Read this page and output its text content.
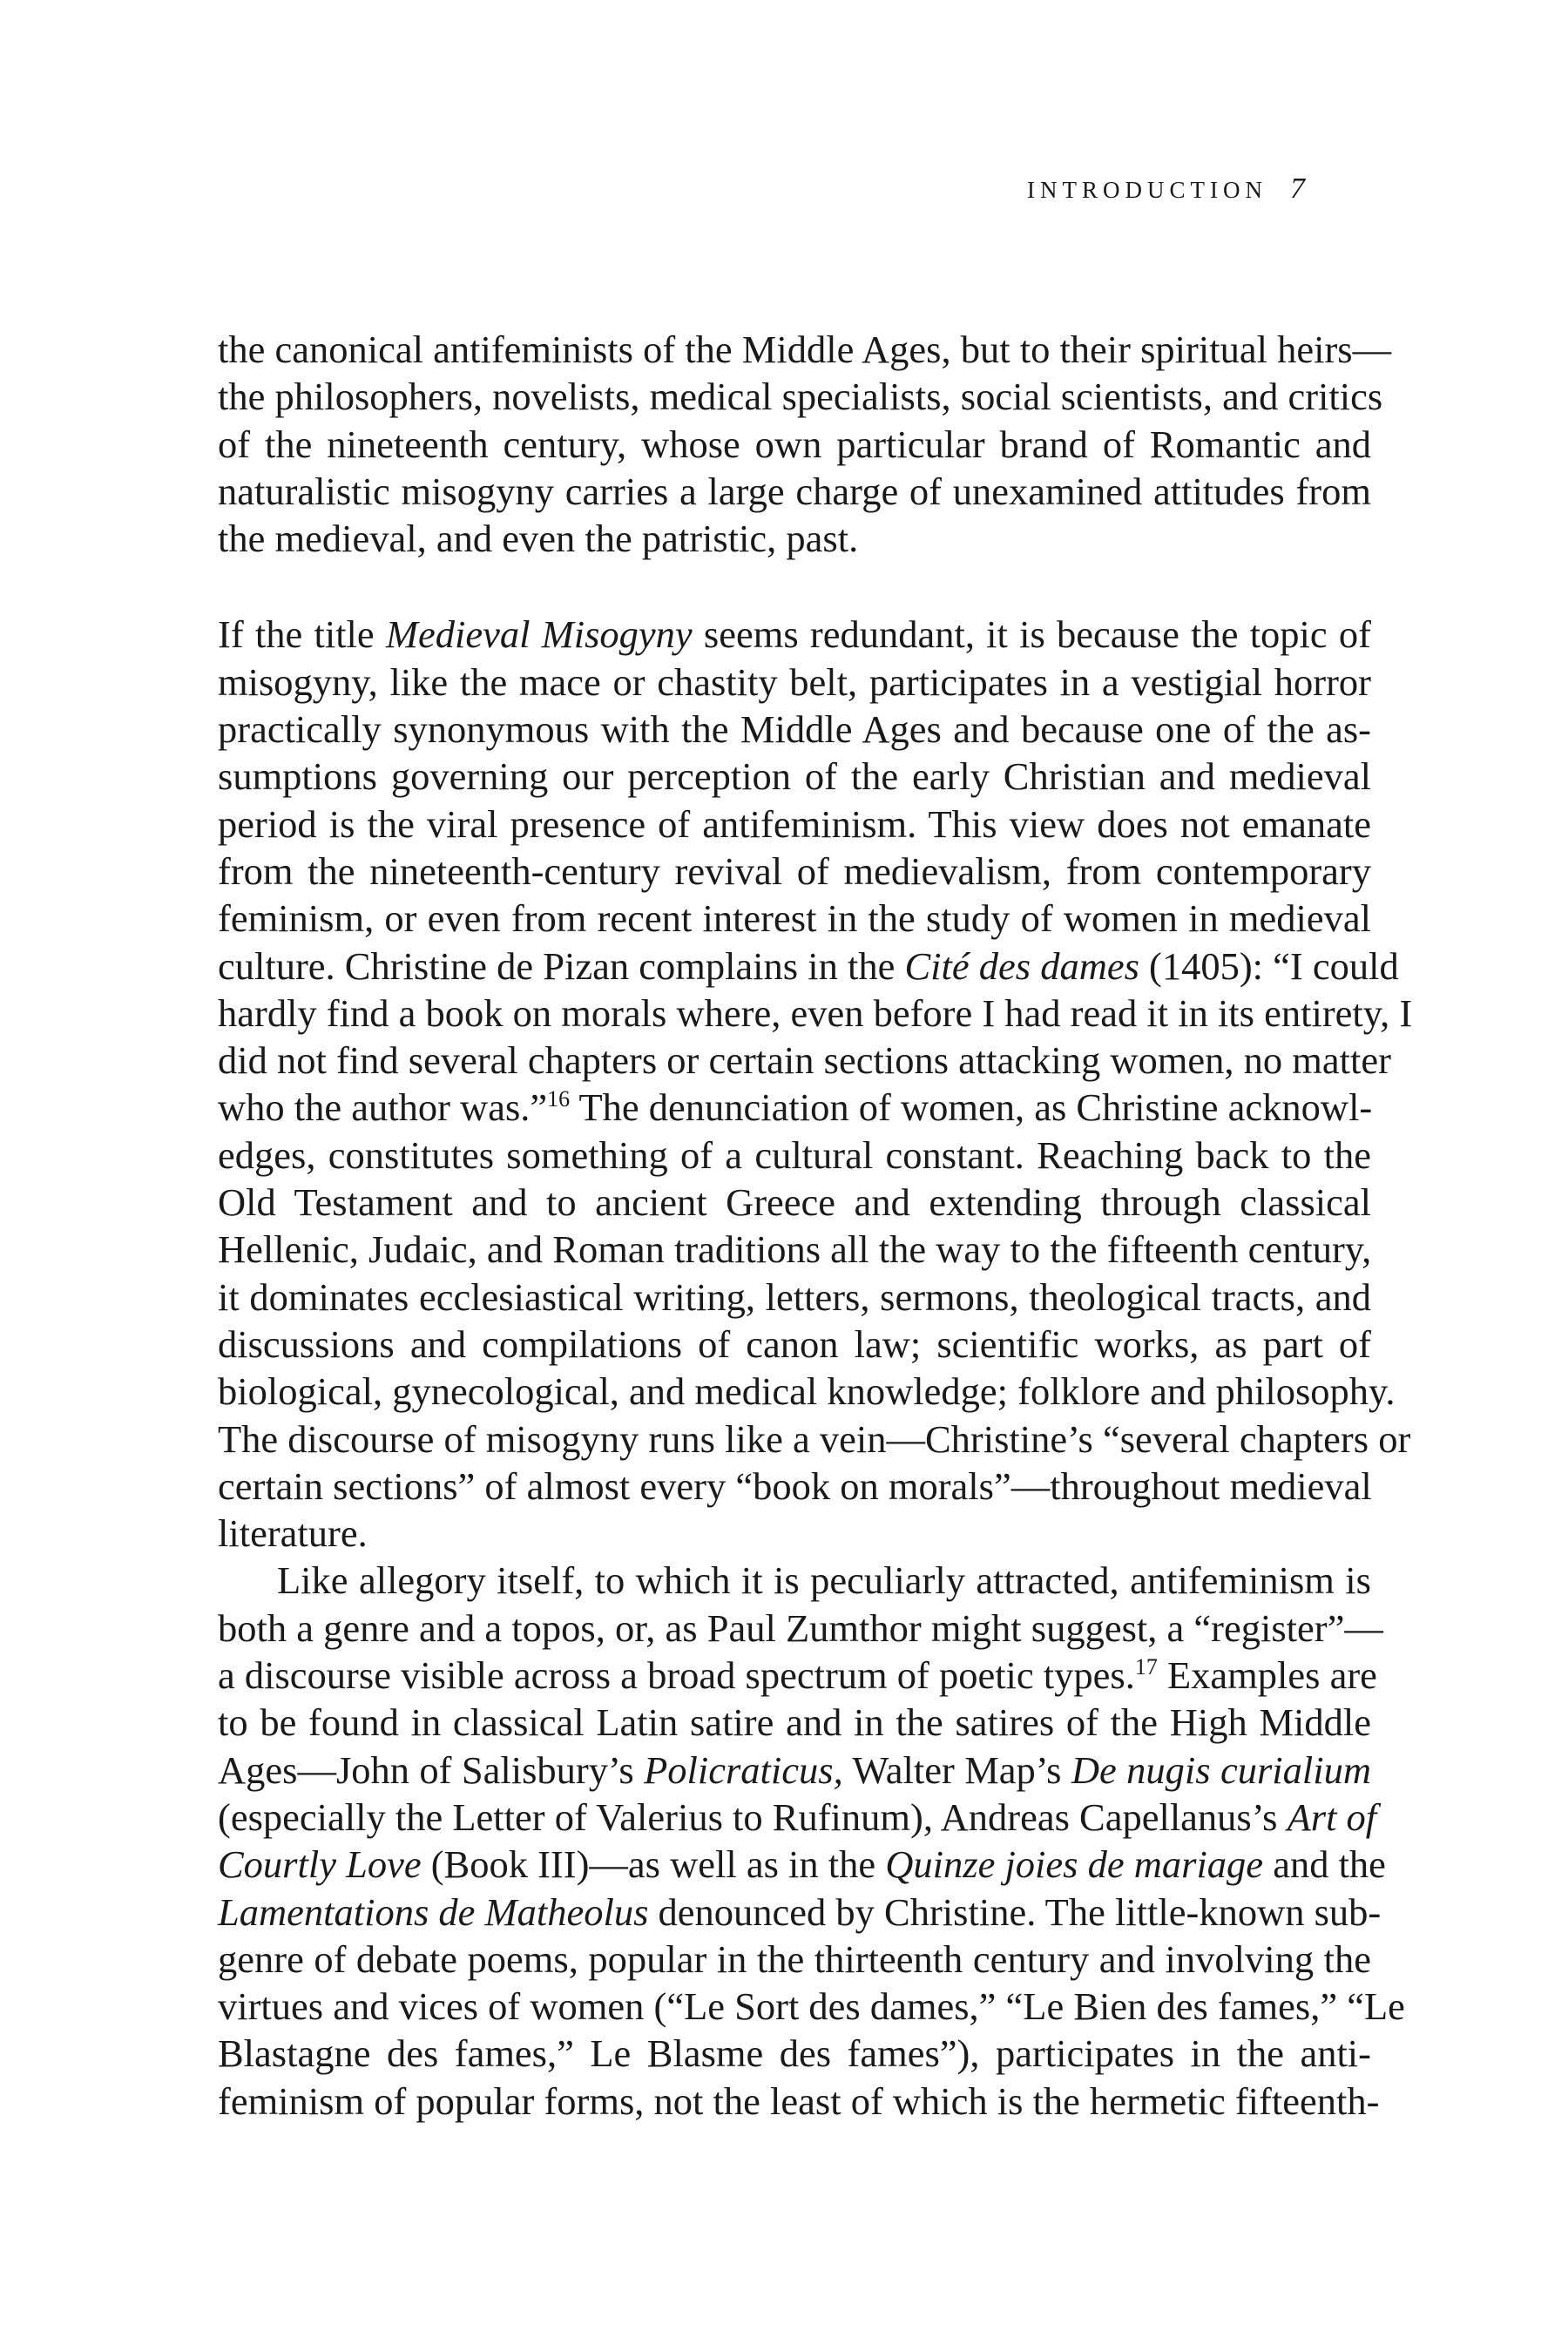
INTRODUCTION 7
the canonical antifeminists of the Middle Ages, but to their spiritual heirs—
the philosophers, novelists, medical specialists, social scientists, and critics
of the nineteenth century, whose own particular brand of Romantic and
naturalistic misogyny carries a large charge of unexamined attitudes from
the medieval, and even the patristic, past.
If the title Medieval Misogyny seems redundant, it is because the topic of
misogyny, like the mace or chastity belt, participates in a vestigial horror
practically synonymous with the Middle Ages and because one of the as-
sumptions governing our perception of the early Christian and medieval
period is the viral presence of antifeminism. This view does not emanate
from the nineteenth-century revival of medievalism, from contemporary
feminism, or even from recent interest in the study of women in medieval
culture. Christine de Pizan complains in the Cité des dames (1405): “I could
hardly find a book on morals where, even before I had read it in its entirety, I
did not find several chapters or certain sections attacking women, no matter
who the author was.”$^{16}$ The denunciation of women, as Christine acknowl-
edges, constitutes something of a cultural constant. Reaching back to the
Old Testament and to ancient Greece and extending through classical
Hellenic, Judaic, and Roman traditions all the way to the fifteenth century,
it dominates ecclesiastical writing, letters, sermons, theological tracts, and
discussions and compilations of canon law; scientific works, as part of
biological, gynecological, and medical knowledge; folklore and philosophy.
The discourse of misogyny runs like a vein—Christine’s “several chapters or
certain sections” of almost every “book on morals”—throughout medieval
literature.
Like allegory itself, to which it is peculiarly attracted, antifeminism is
both a genre and a topos, or, as Paul Zumthor might suggest, a “register”—
a discourse visible across a broad spectrum of poetic types.$^{17}$ Examples are
to be found in classical Latin satire and in the satires of the High Middle
Ages—John of Salisbury’s Policraticus, Walter Map’s De nugis curialium
(especially the Letter of Valerius to Rufinum), Andreas Capellanus’s Art of
Courtly Love (Book III)—as well as in the Quinze joies de mariage and the
Lamentations de Matheolus denounced by Christine. The little-known sub-
genre of debate poems, popular in the thirteenth century and involving the
virtues and vices of women (“Le Sort des dames,” “Le Bien des fames,” “Le
Blastagne des fames,” Le Blasme des fames”), participates in the anti-
feminism of popular forms, not the least of which is the hermetic fifteenth-
